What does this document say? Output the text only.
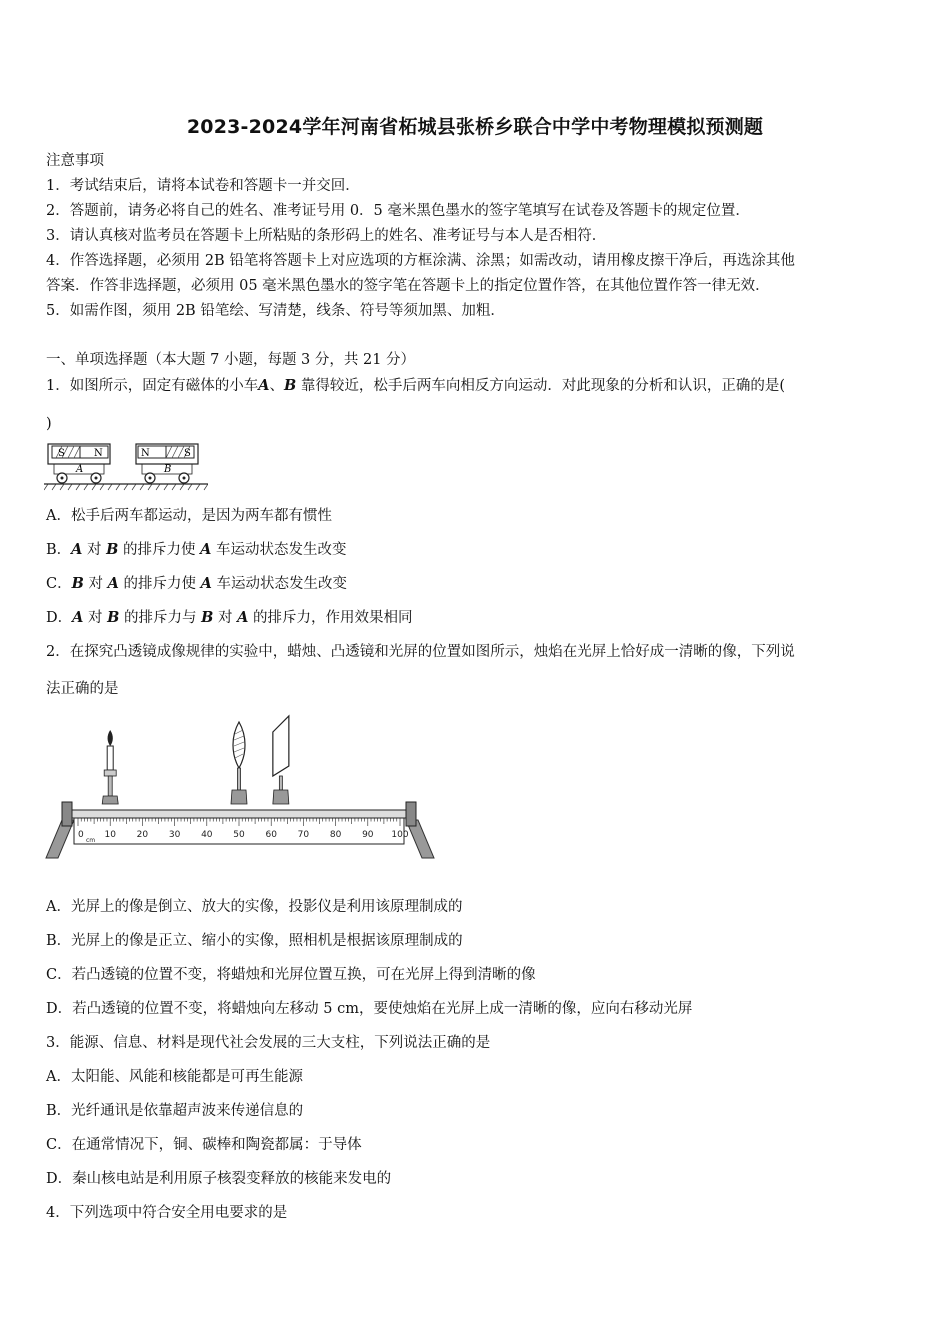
2023-2024学年河南省柘城县张桥乡联合中学中考物理模拟预测题
注意事项
1．考试结束后，请将本试卷和答题卡一并交回．
2．答题前，请务必将自己的姓名、准考证号用 0．5 毫米黑色墨水的签字笔填写在试卷及答题卡的规定位置．
3．请认真核对监考员在答题卡上所粘贴的条形码上的姓名、准考证号与本人是否相符．
4．作答选择题，必须用 2B 铅笔将答题卡上对应选项的方框涂满、涂黑；如需改动，请用橡皮擦干净后，再选涂其他
答案．作答非选择题，必须用 05 毫米黑色墨水的签字笔在答题卡上的指定位置作答，在其他位置作答一律无效．
5．如需作图，须用 2B 铅笔绘、写清楚，线条、符号等须加黑、加粗．
一、单项选择题（本大题 7 小题，每题 3 分，共 21 分）
1．如图所示，固定有磁体的小车A、B 靠得较近，松手后两车向相反方向运动．对此现象的分析和认识，正确的是(
)
S	N
A
N	S
B
A．松手后两车都运动，是因为两车都有惯性
B．A 对 B 的排斥力使 A 车运动状态发生改变
C．B 对 A 的排斥力使 A 车运动状态发生改变
D．A 对 B 的排斥力与 B 对 A 的排斥力，作用效果相同
2．在探究凸透镜成像规律的实验中，蜡烛、凸透镜和光屏的位置如图所示，烛焰在光屏上恰好成一清晰的像，下列说
法正确的是
0 10 20 30 40 50 60 70 80 90 100
cm
A．光屏上的像是倒立、放大的实像，投影仪是利用该原理制成的
B．光屏上的像是正立、缩小的实像，照相机是根据该原理制成的
C．若凸透镜的位置不变，将蜡烛和光屏位置互换，可在光屏上得到清晰的像
D．若凸透镜的位置不变，将蜡烛向左移动 5 cm，要使烛焰在光屏上成一清晰的像，应向右移动光屏
3．能源、信息、材料是现代社会发展的三大支柱，下列说法正确的是
A．太阳能、风能和核能都是可再生能源
B．光纤通讯是依靠超声波来传递信息的
C．在通常情况下，铜、碳棒和陶瓷都属：于导体
D．秦山核电站是利用原子核裂变释放的核能来发电的
4．下列选项中符合安全用电要求的是
